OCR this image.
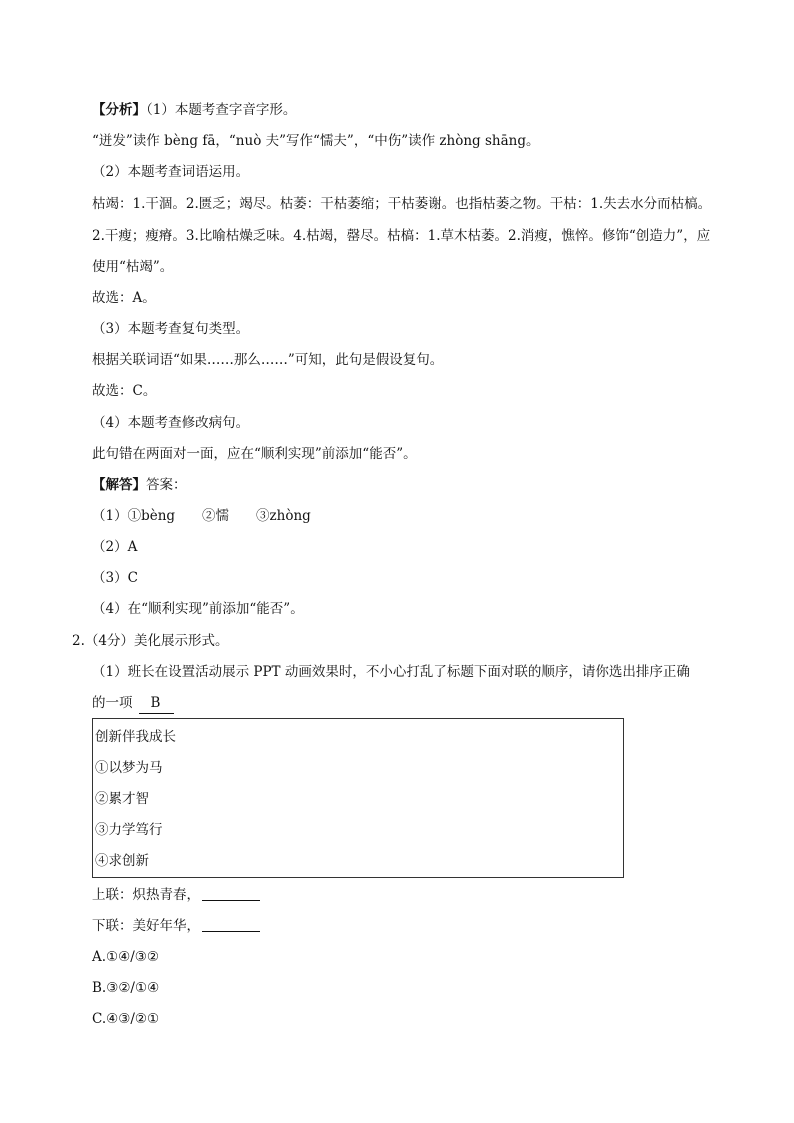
【分析】（1）本题考查字音字形。
“迸发”读作 bèng fā，“nuò 夫”写作“懦夫”，“中伤”读作 zhòng shāng。
（2）本题考查词语运用。
枯竭：1.干涸。2.匮乏；竭尽。枯萎：干枯萎缩；干枯萎谢。也指枯萎之物。干枯：1.失去水分而枯槁。
2.干瘦；瘦瘠。3.比喻枯燥乏味。4.枯竭，罄尽。枯槁：1.草木枯萎。2.消瘦，憔悴。修饰“创造力”，应
使用“枯竭”。
故选：A。
（3）本题考查复句类型。
根据关联词语“如果……那么……”可知，此句是假设复句。
故选：C。
（4）本题考查修改病句。
此句错在两面对一面，应在“顺利实现”前添加“能否”。
【解答】答案：
（1）①bèng　　②懦　　③zhòng
（2）A
（3）C
（4）在“顺利实现”前添加“能否”。
2.（4分）美化展示形式。
（1）班长在设置活动展示 PPT 动画效果时，不小心打乱了标题下面对联的顺序，请你选出排序正确
的一项 B
创新伴我成长
①以梦为马
②累才智
③力学笃行
④求创新
上联：炽热青春，
下联：美好年华，
A.①④/③②
B.③②/①④
C.④③/②①
